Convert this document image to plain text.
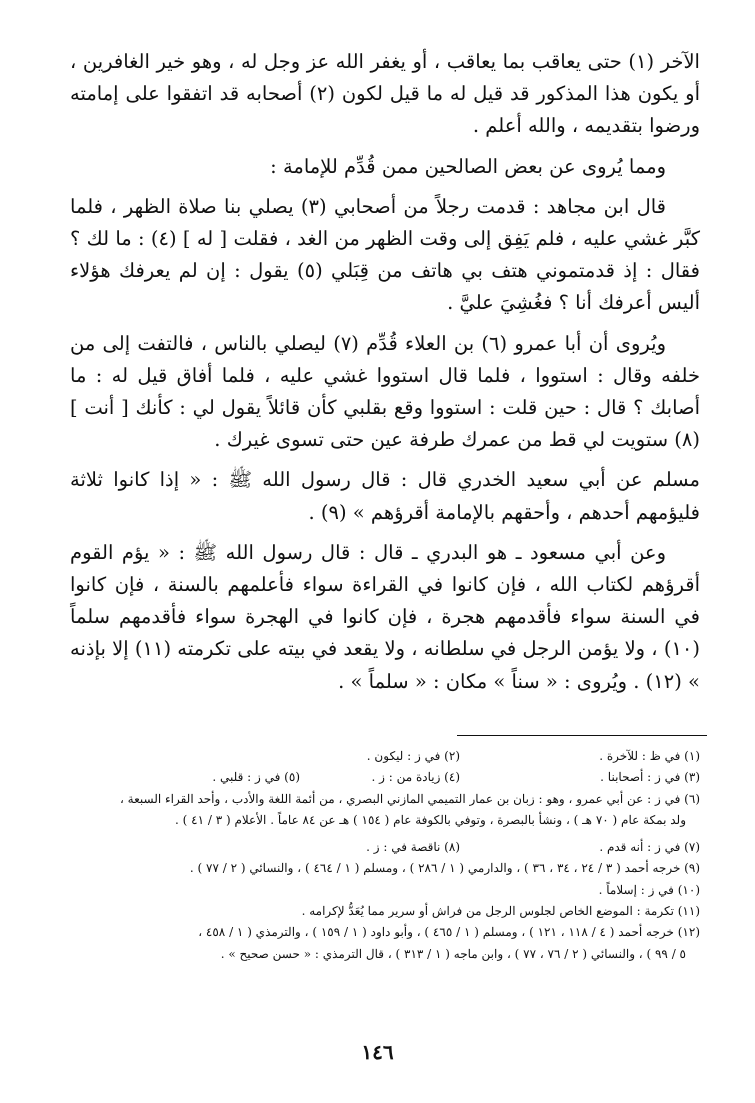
الآخر (١) حتى يعاقب بما يعاقب ، أو يغفر الله عز وجل له ، وهو خير الغافرين ، أو يكون هذا المذكور قد قيل له ما قيل لكون (٢) أصحابه قد اتفقوا على إمامته ورضوا بتقديمه ، والله أعلم .

ومما يُروى عن بعض الصالحين ممن قُدِّم للإمامة :

قال ابن مجاهد : قدمت رجلاً من أصحابي (٣) يصلي بنا صلاة الظهر ، فلما كبَّر غشي عليه ، فلم يَفِق إلى وقت الظهر من الغد ، فقلت [ له ] (٤) : ما لك ؟ فقال : إذ قدمتموني هتف بي هاتف من قِبَلي (٥) يقول : إن لم يعرفك هؤلاء أليس أعرفك أنا ؟ فغُشِيَ عليَّ .

ويُروى أن أبا عمرو (٦) بن العلاء قُدِّم (٧) ليصلي بالناس ، فالتفت إلى من خلفه وقال : استووا ، فلما قال استووا غشي عليه ، فلما أفاق قيل له : ما أصابك ؟ قال : حين قلت : استووا وقع بقلبي كأن قائلاً يقول لي : كأنك [ أنت ] (٨) ستويت لي قط من عمرك طرفة عين حتى تسوى غيرك .

مسلم عن أبي سعيد الخدري قال : قال رسول الله ﷺ : « إذا كانوا ثلاثة فليؤمهم أحدهم ، وأحقهم بالإمامة أقرؤهم » (٩) .

وعن أبي مسعود ـ هو البدري ـ قال : قال رسول الله ﷺ : « يؤم القوم أقرؤهم لكتاب الله ، فإن كانوا في القراءة سواء فأعلمهم بالسنة ، فإن كانوا في السنة سواء فأقدمهم هجرة ، فإن كانوا في الهجرة سواء فأقدمهم سلماً (١٠) ، ولا يؤمن الرجل في سلطانه ، ولا يقعد في بيته على تكرمته (١١) إلا بإذنه » (١٢) . ويُروى : « سناً » مكان : « سلماً » .

(١) في ظ : للآخرة .
(٢) في ز : ليكون .
(٣) في ز : أصحابنا .
(٤) زيادة من : ز .
(٥) في ز : قلبي .
(٦) في ز : عن أبي عمرو ، وهو : زبان بن عمار التميمي المازني البصري ، من أئمة اللغة والأدب ، وأحد القراء السبعة ،
ولد بمكة عام ( ٧٠ هـ ) ، ونشأ بالبصرة ، وتوفي بالكوفة عام ( ١٥٤ ) هـ عن ٨٤ عاماً . الأعلام ( ٣ / ٤١ ) .
(٧) في ز : أنه قدم .
(٨) ناقصة في : ز .
(٩) خرجه أحمد ( ٣ / ٢٤ ، ٣٤ ، ٣٦ ) ، والدارمي ( ١ / ٢٨٦ ) ، ومسلم ( ١ / ٤٦٤ ) ، والنسائي ( ٢ / ٧٧ ) .
(١٠) في ز : إسلاماً .
(١١) تكرمة : الموضع الخاص لجلوس الرجل من فراش أو سرير مما يُعَدُّ لإكرامه .
(١٢) خرجه أحمد ( ٤ / ١١٨ ، ١٢١ ) ، ومسلم ( ١ / ٤٦٥ ) ، وأبو داود ( ١ / ١٥٩ ) ، والترمذي ( ١ / ٤٥٨ ،
٥ / ٩٩ ) ، والنسائي ( ٢ / ٧٦ ، ٧٧ ) ، وابن ماجه ( ١ / ٣١٣ ) ، قال الترمذي : « حسن صحيح » .
١٤٦
